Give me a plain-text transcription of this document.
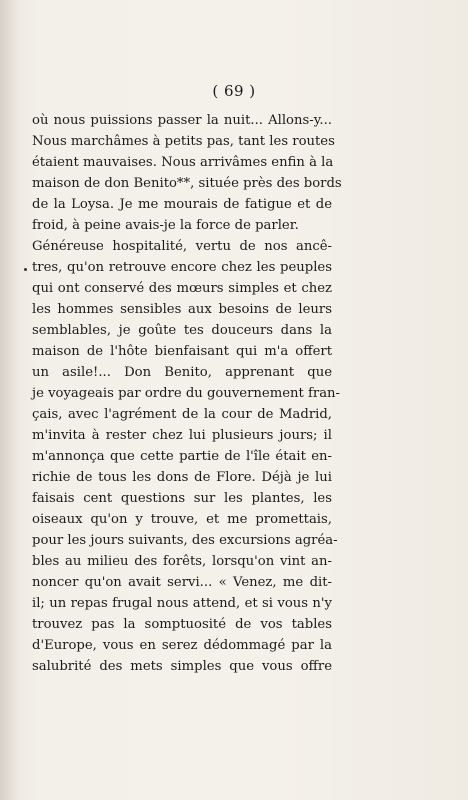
( 69 )
où nous puissions passer la nuit... Allons-y...
Nous marchâmes à petits pas, tant les routes
étaient mauvaises. Nous arrivâmes enfin à la
maison de don Benito**, située près des bords
de la Loysa. Je me mourais de fatigue et de
froid, à peine avais-je la force de parler.
Généreuse hospitalité, vertu de nos ancê-
tres, qu'on retrouve encore chez les peuples
qui ont conservé des mœurs simples et chez
les hommes sensibles aux besoins de leurs
semblables, je goûte tes douceurs dans la
maison de l'hôte bienfaisant qui m'a offert
un asile!... Don Benito, apprenant que
je voyageais par ordre du gouvernement fran-
çais, avec l'agrément de la cour de Madrid,
m'invita à rester chez lui plusieurs jours; il
m'annonça que cette partie de l'île était en-
richie de tous les dons de Flore. Déjà je lui
faisais cent questions sur les plantes, les
oiseaux qu'on y trouve, et me promettais,
pour les jours suivants, des excursions agréa-
bles au milieu des forêts, lorsqu'on vint an-
noncer qu'on avait servi... « Venez, me dit-
il; un repas frugal nous attend, et si vous n'y
trouvez pas la somptuosité de vos tables
d'Europe, vous en serez dédommagé par la
salubrité des mets simples que vous offre
